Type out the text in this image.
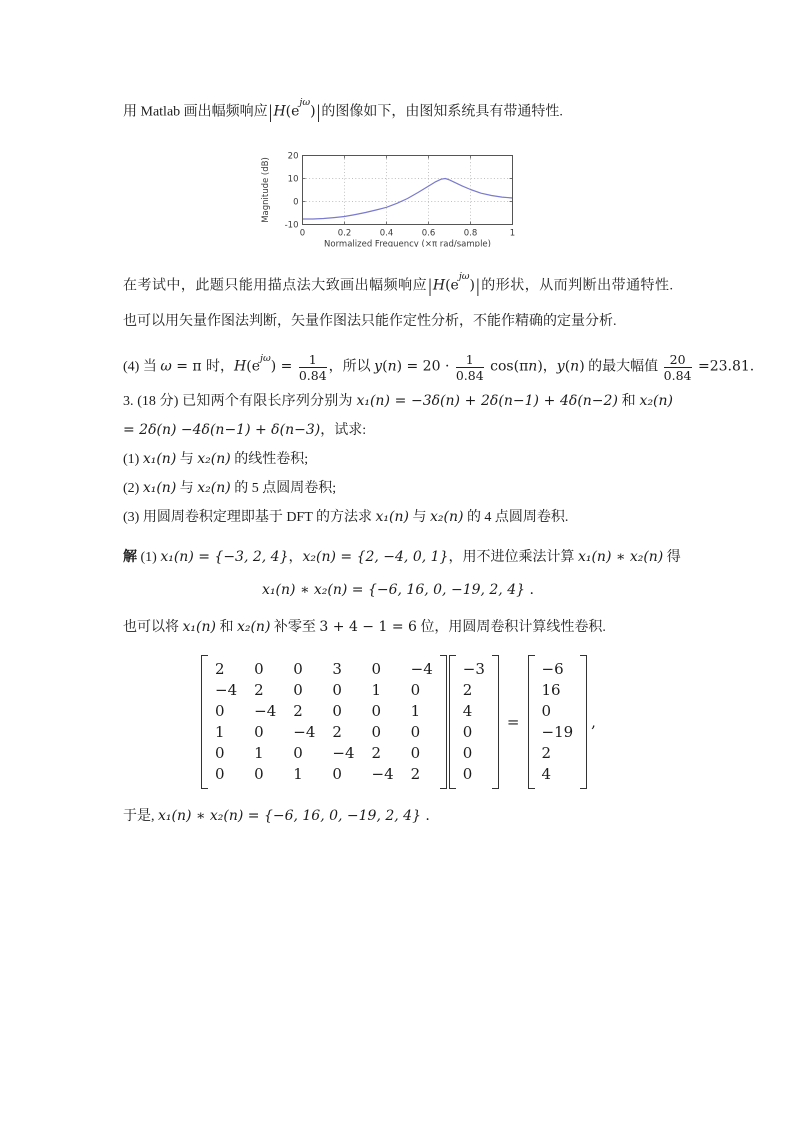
用 Matlab 画出幅频响应$|H(e^{j\omega})|$的图像如下，由图知系统具有带通特性.

0	0.2	0.4	0.6	0.8	1
-10
0
10
20
Normalized Frequency (×π rad/sample)
Magnitude (dB)

在考试中，此题只能用描点法大致画出幅频响应$|H(e^{j\omega})|$的形状，从而判断出带通特性. 也可以用矢量作图法判断，矢量作图法只能作定性分析，不能作精确的定量分析.

(4) 当 ω = π 时，$H(e^{j\omega}) = \frac{1}{0.84}$ ，所以 $y(n) = 20 \cdot \frac{1}{0.84} \cos(\pi n)$，y(n) 的最大幅值 $\frac{20}{0.84} =23.81$.

3. (18 分) 已知两个有限长序列分别为 x₁(n) = −3δ(n) + 2δ(n−1) + 4δ(n−2) 和 x₂(n) = 2δ(n) −4δ(n−1) + δ(n−3)，试求:

(1) x₁(n) 与 x₂(n) 的线性卷积;

(2) x₁(n) 与 x₂(n) 的 5 点圆周卷积;

(3) 用圆周卷积定理即基于 DFT 的方法求 x₁(n) 与 x₂(n) 的 4 点圆周卷积.

解 (1) x₁(n) = {−3, 2, 4}，x₂(n) = {2, −4, 0, 1}，用不进位乘法计算 x₁(n) ∗ x₂(n) 得

x₁(n) ∗ x₂(n) = {−6, 16, 0, −19, 2, 4} .

也可以将 x₁(n) 和 x₂(n) 补零至 3 + 4 − 1 = 6 位，用圆周卷积计算线性卷积.

2 0 0 3 0 −4
−4 2 0 0 1 0
0 −4 2 0 0 1
1 0 −4 2 0 0
0 1 0 −4 2 0
0 0 1 0 −4 2
−3
2
4
0
0
0
=
−6
16
0
−19
2
4
,

于是, x₁(n) ∗ x₂(n) = {−6, 16, 0, −19, 2, 4} .
